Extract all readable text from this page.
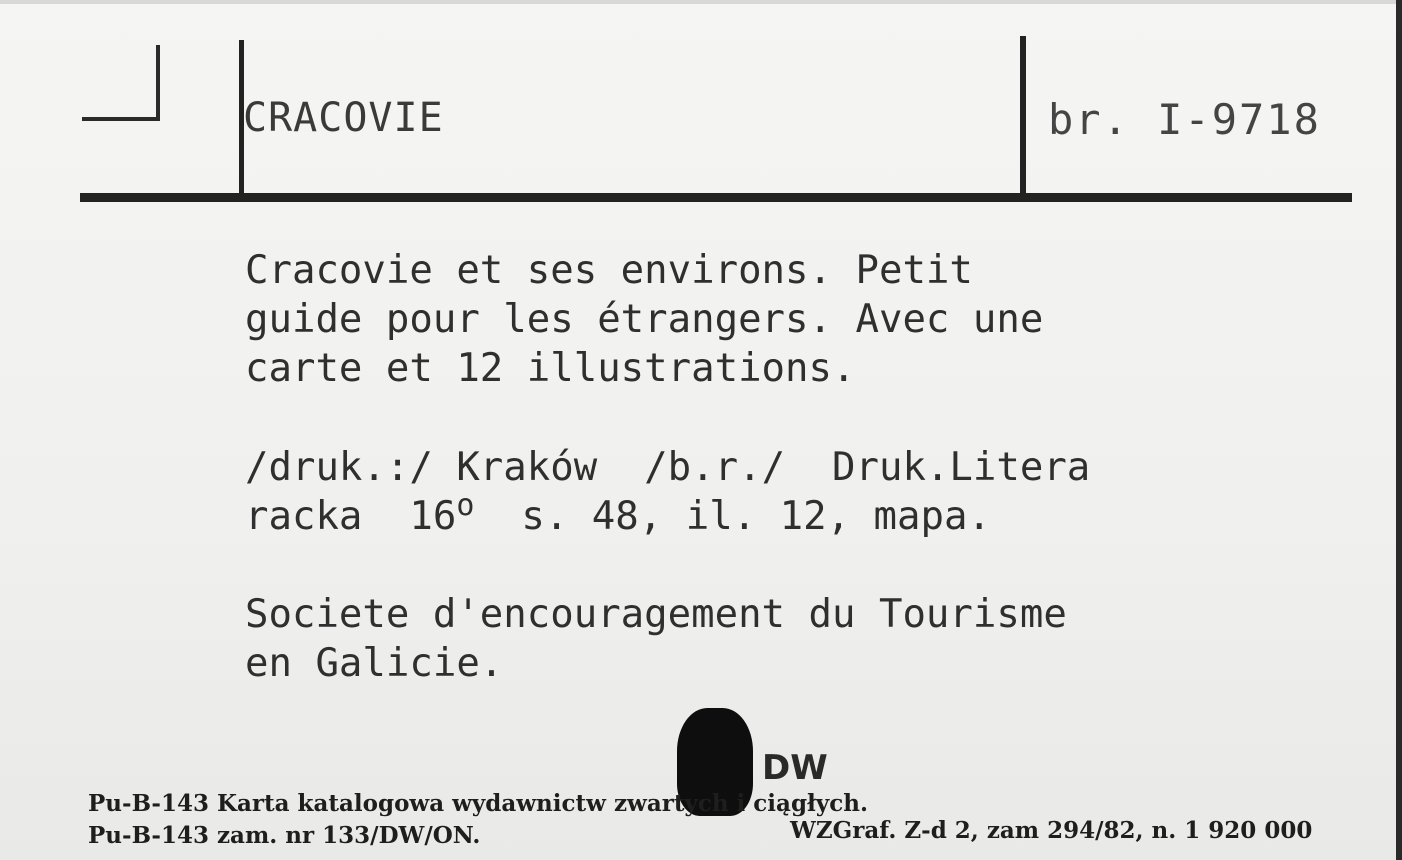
CRACOVIE	br. I-9718
Cracovie et ses environs. Petit
guide pour les étrangers. Avec une
carte et 12 illustrations.
/druk.:/ Kraków  /b.r./  Druk.Litera
racka  16$^o$  s. 48, il. 12, mapa.
Societe d'encouragement du Tourisme
en Galicie.
DW
Pu-B-143 Karta katalogowa wydawnictw zwartych i ciągłych.
Pu-B-143 zam. nr 133/DW/ON.	WZGraf. Z-d 2, zam 294/82, n. 1 920 000
